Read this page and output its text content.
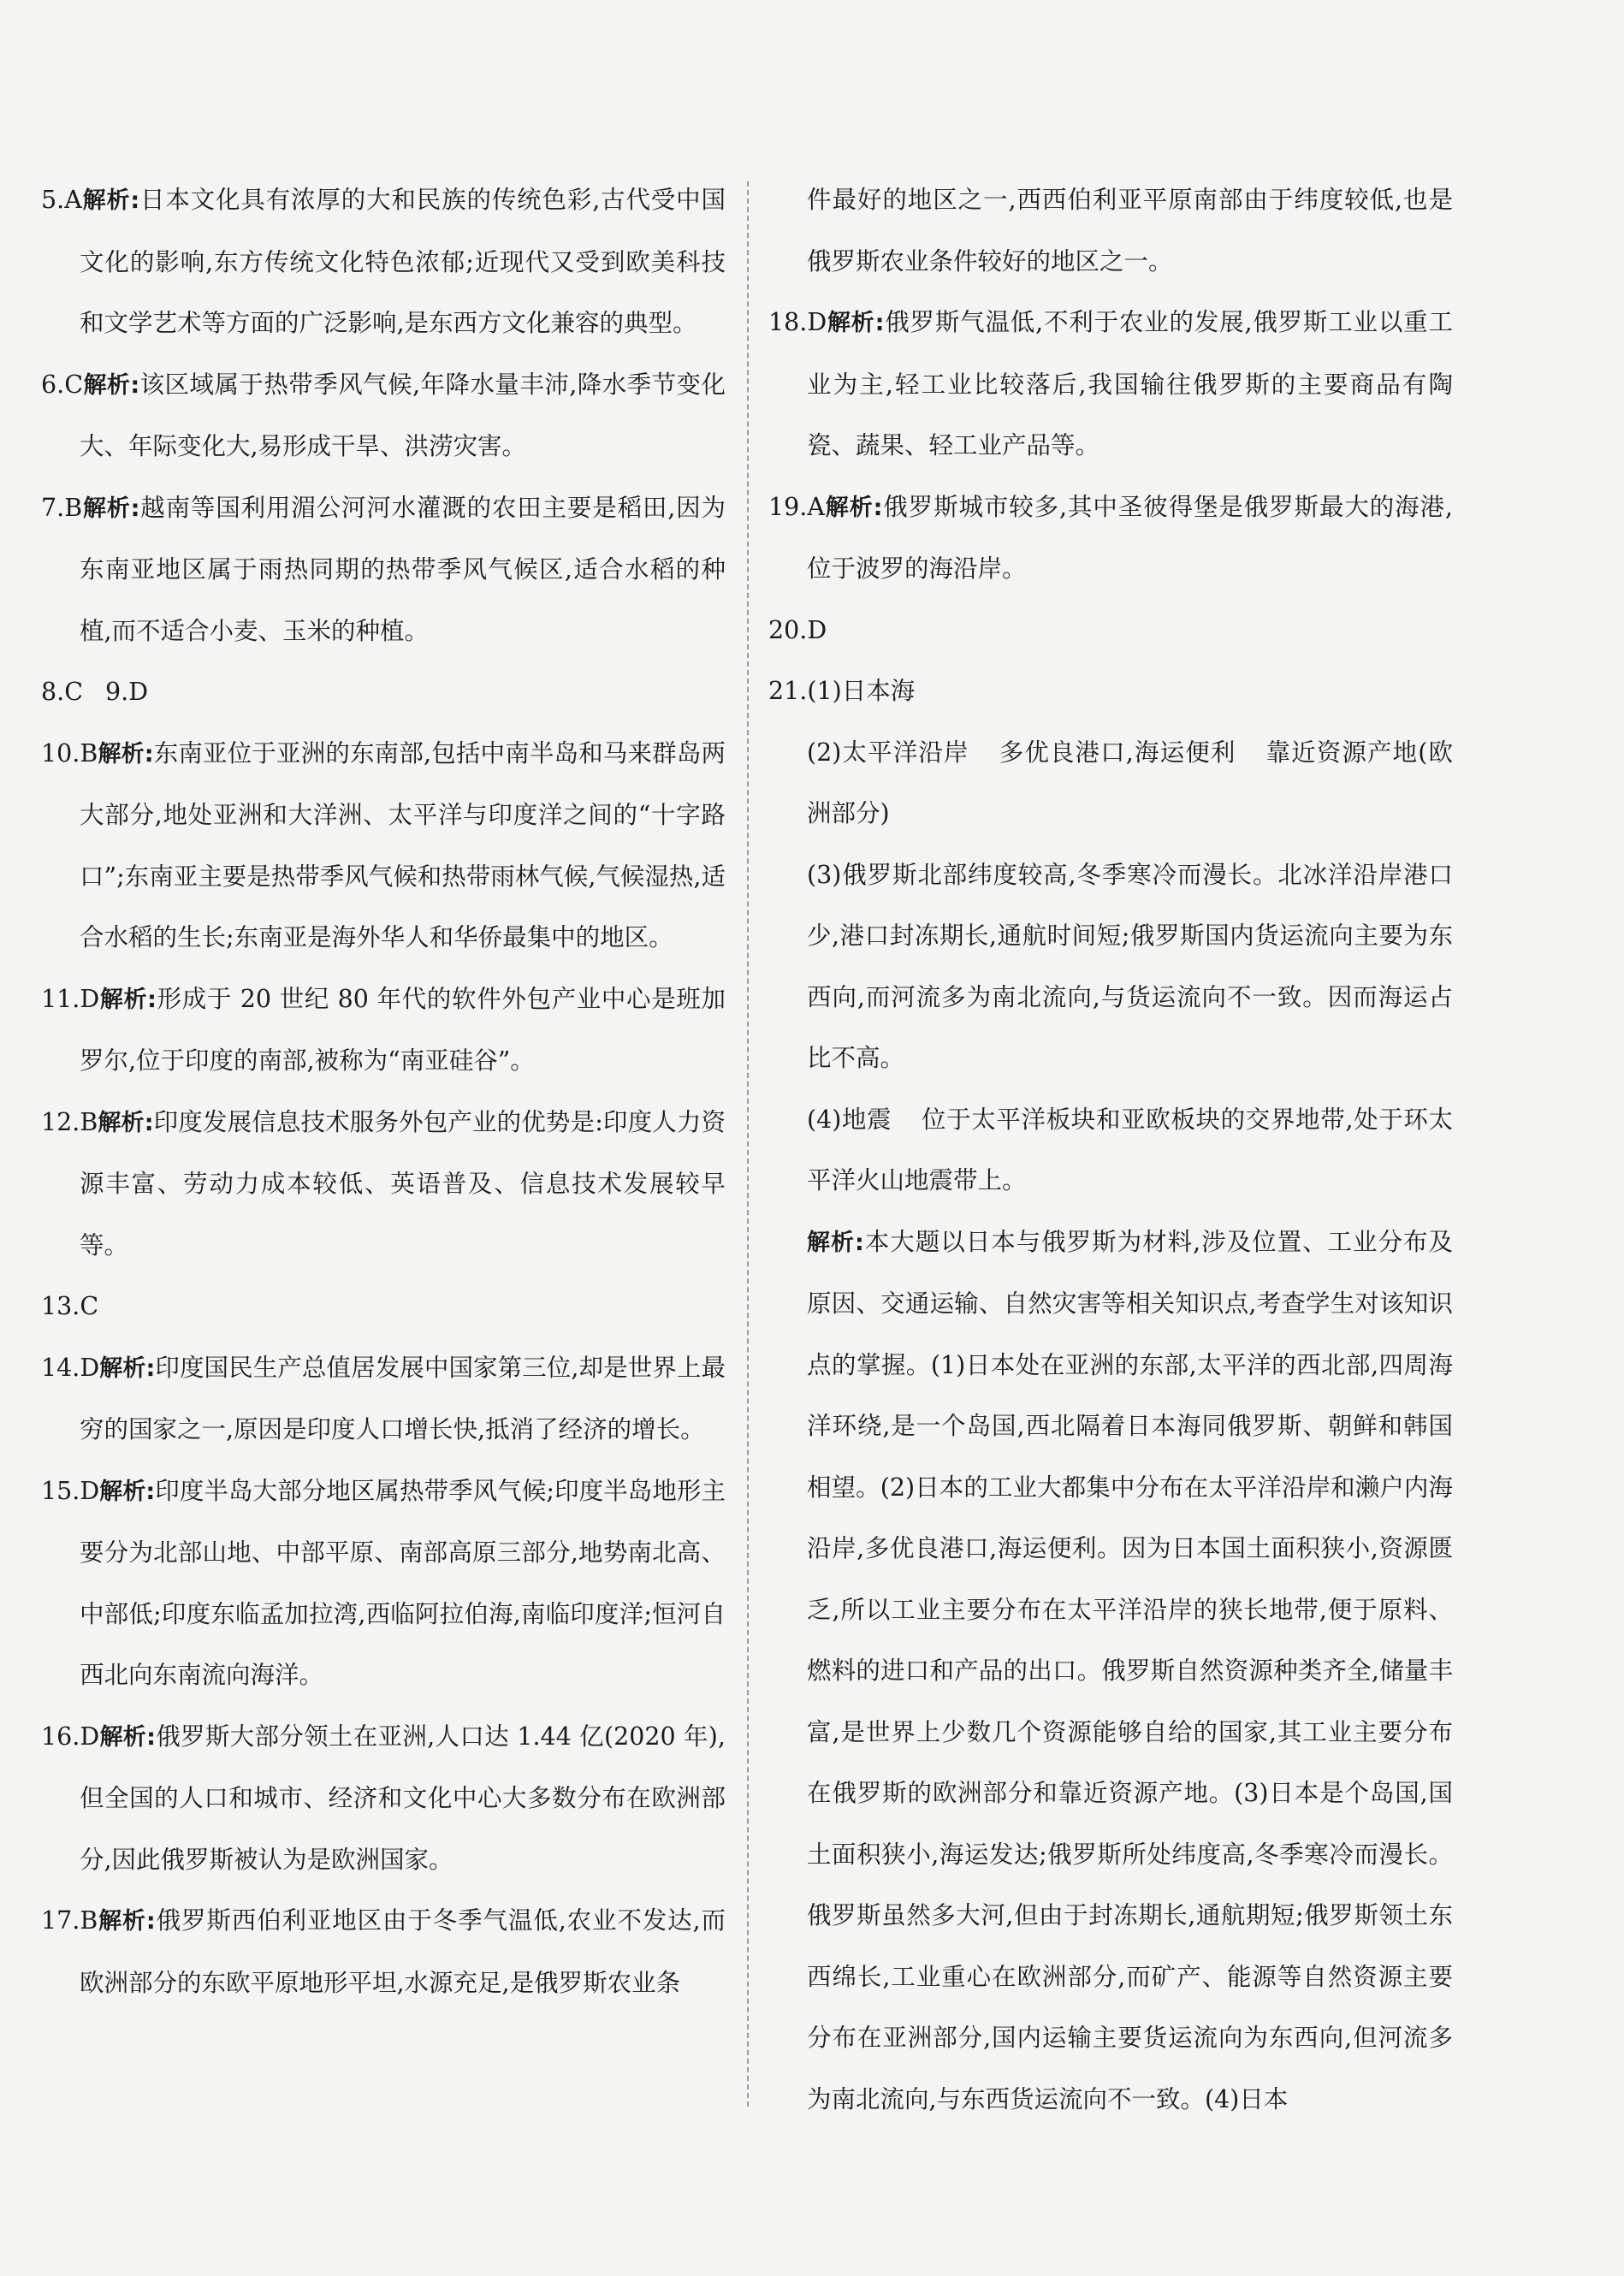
5.A解析:日本文化具有浓厚的大和民族的传统色彩,古代受中国文化的影响,东方传统文化特色浓郁;近现代又受到欧美科技和文学艺术等方面的广泛影响,是东西方文化兼容的典型。

6.C解析:该区域属于热带季风气候,年降水量丰沛,降水季节变化大、年际变化大,易形成干旱、洪涝灾害。

7.B解析:越南等国利用湄公河河水灌溉的农田主要是稻田,因为东南亚地区属于雨热同期的热带季风气候区,适合水稻的种植,而不适合小麦、玉米的种植。

8.C 9.D

10.B解析:东南亚位于亚洲的东南部,包括中南半岛和马来群岛两大部分,地处亚洲和大洋洲、太平洋与印度洋之间的“十字路口”;东南亚主要是热带季风气候和热带雨林气候,气候湿热,适合水稻的生长;东南亚是海外华人和华侨最集中的地区。

11.D解析:形成于 20 世纪 80 年代的软件外包产业中心是班加罗尔,位于印度的南部,被称为“南亚硅谷”。

12.B解析:印度发展信息技术服务外包产业的优势是:印度人力资源丰富、劳动力成本较低、英语普及、信息技术发展较早等。

13.C

14.D解析:印度国民生产总值居发展中国家第三位,却是世界上最穷的国家之一,原因是印度人口增长快,抵消了经济的增长。

15.D解析:印度半岛大部分地区属热带季风气候;印度半岛地形主要分为北部山地、中部平原、南部高原三部分,地势南北高、中部低;印度东临孟加拉湾,西临阿拉伯海,南临印度洋;恒河自西北向东南流向海洋。

16.D解析:俄罗斯大部分领土在亚洲,人口达 1.44 亿(2020 年),但全国的人口和城市、经济和文化中心大多数分布在欧洲部分,因此俄罗斯被认为是欧洲国家。

17.B解析:俄罗斯西伯利亚地区由于冬季气温低,农业不发达,而欧洲部分的东欧平原地形平坦,水源充足,是俄罗斯农业条

件最好的地区之一,西西伯利亚平原南部由于纬度较低,也是俄罗斯农业条件较好的地区之一。

18.D解析:俄罗斯气温低,不利于农业的发展,俄罗斯工业以重工业为主,轻工业比较落后,我国输往俄罗斯的主要商品有陶瓷、蔬果、轻工业产品等。

19.A解析:俄罗斯城市较多,其中圣彼得堡是俄罗斯最大的海港,位于波罗的海沿岸。

20.D

21.(1)日本海

(2)太平洋沿岸 多优良港口,海运便利 靠近资源产地(欧洲部分)

(3)俄罗斯北部纬度较高,冬季寒冷而漫长。北冰洋沿岸港口少,港口封冻期长,通航时间短;俄罗斯国内货运流向主要为东西向,而河流多为南北流向,与货运流向不一致。因而海运占比不高。

(4)地震 位于太平洋板块和亚欧板块的交界地带,处于环太平洋火山地震带上。

解析:本大题以日本与俄罗斯为材料,涉及位置、工业分布及原因、交通运输、自然灾害等相关知识点,考查学生对该知识点的掌握。(1)日本处在亚洲的东部,太平洋的西北部,四周海洋环绕,是一个岛国,西北隔着日本海同俄罗斯、朝鲜和韩国相望。(2)日本的工业大都集中分布在太平洋沿岸和濑户内海沿岸,多优良港口,海运便利。因为日本国土面积狭小,资源匮乏,所以工业主要分布在太平洋沿岸的狭长地带,便于原料、燃料的进口和产品的出口。俄罗斯自然资源种类齐全,储量丰富,是世界上少数几个资源能够自给的国家,其工业主要分布在俄罗斯的欧洲部分和靠近资源产地。(3)日本是个岛国,国土面积狭小,海运发达;俄罗斯所处纬度高,冬季寒冷而漫长。俄罗斯虽然多大河,但由于封冻期长,通航期短;俄罗斯领土东西绵长,工业重心在欧洲部分,而矿产、能源等自然资源主要分布在亚洲部分,国内运输主要货运流向为东西向,但河流多为南北流向,与东西货运流向不一致。(4)日本
